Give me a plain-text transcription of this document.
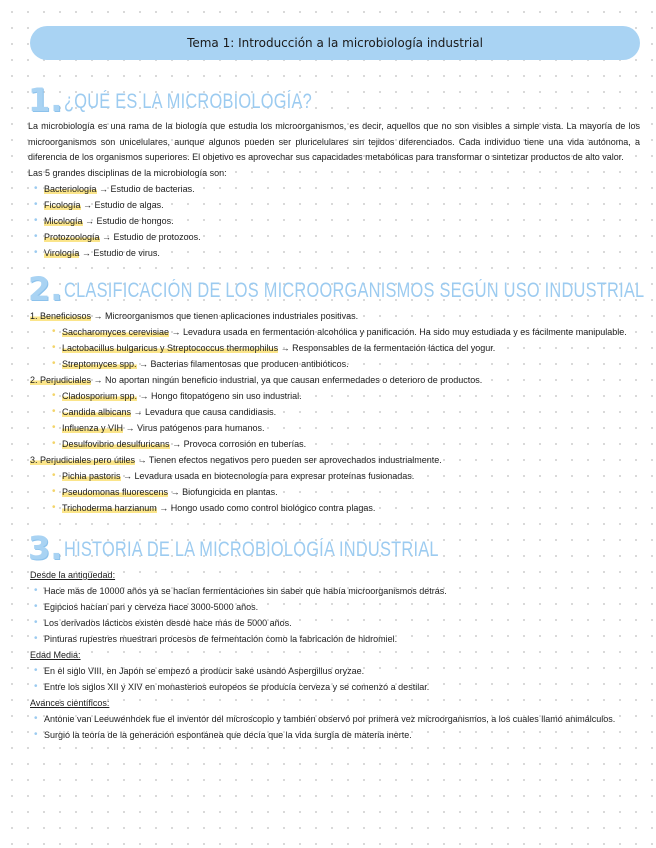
Tema 1: Introducción a la microbiología industrial
1. ¿QUÉ ES LA MICROBIOLOGÍA?

La microbiología es una rama de la biología que estudia los microorganismos, es decir, aquellos que no son visibles a simple vista. La mayoría de los microorganismos son unicelulares, aunque algunos pueden ser pluricelulares sin tejidos diferenciados. Cada individuo tiene una vida autónoma, a diferencia de los organismos superiores. El objetivo es aprovechar sus capacidades metabólicas para transformar o sintetizar productos de alto valor.

Las 5 grandes disciplinas de la microbiología son:

• Bacteriología → Estudio de bacterias.
• Ficología → Estudio de algas.
• Micología → Estudio de hongos.
• Protozoología → Estudio de protozoos.
• Virología → Estudio de virus.
2. CLASIFICACIÓN DE LOS MICROORGANISMOS SEGÚN USO INDUSTRIAL
1. Beneficiosos → Microorganismos que tienen aplicaciones industriales positivas.
• Saccharomyces cerevisiae → Levadura usada en fermentación alcohólica y panificación. Ha sido muy estudiada y es fácilmente manipulable.
• Lactobacillus bulgaricus y Streptococcus thermophilus → Responsables de la fermentación láctica del yogur.
• Streptomyces spp. → Bacterias filamentosas que producen antibióticos.
2. Perjudiciales → No aportan ningún beneficio industrial, ya que causan enfermedades o deterioro de productos.
• Cladosporium spp. → Hongo fitopatógeno sin uso industrial.
• Candida albicans → Levadura que causa candidiasis.
• Influenza y VIH → Virus patógenos para humanos.
• Desulfovibrio desulfuricans → Provoca corrosión en tuberías.
3. Perjudiciales pero útiles → Tienen efectos negativos pero pueden ser aprovechados industrialmente.
• Pichia pastoris → Levadura usada en biotecnología para expresar proteínas fusionadas.
• Pseudomonas fluorescens → Biofungicida en plantas.
• Trichoderma harzianum → Hongo usado como control biológico contra plagas.
3. HISTORIA DE LA MICROBIOLOGÍA INDUSTRIAL
Desde la antigüedad:
• Hace más de 10000 años ya se hacían fermentaciones sin saber que había microorganismos detrás.
• Egipcios hacían pan y cerveza hace 3000-5000 años.
• Los derivados lácticos existen desde hace más de 5000 años.
• Pinturas rupestres muestran procesos de fermentación como la fabricación de hidromiel.
Edad Media:
• En el siglo VIII, en Japón se empezó a producir sake usando Aspergillus oryzae.
• Entre los siglos XII y XIV en monasterios europeos se producía cerveza y se comenzó a destilar.
Avances científicos:
• Antonie van Leeuwenhoek fue el inventor del microscopio y también observó por primera vez microorganismos, a los cuales llamó animálculos.
• Surgió la teoría de la generación espontánea que decía que la vida surgía de materia inerte.
